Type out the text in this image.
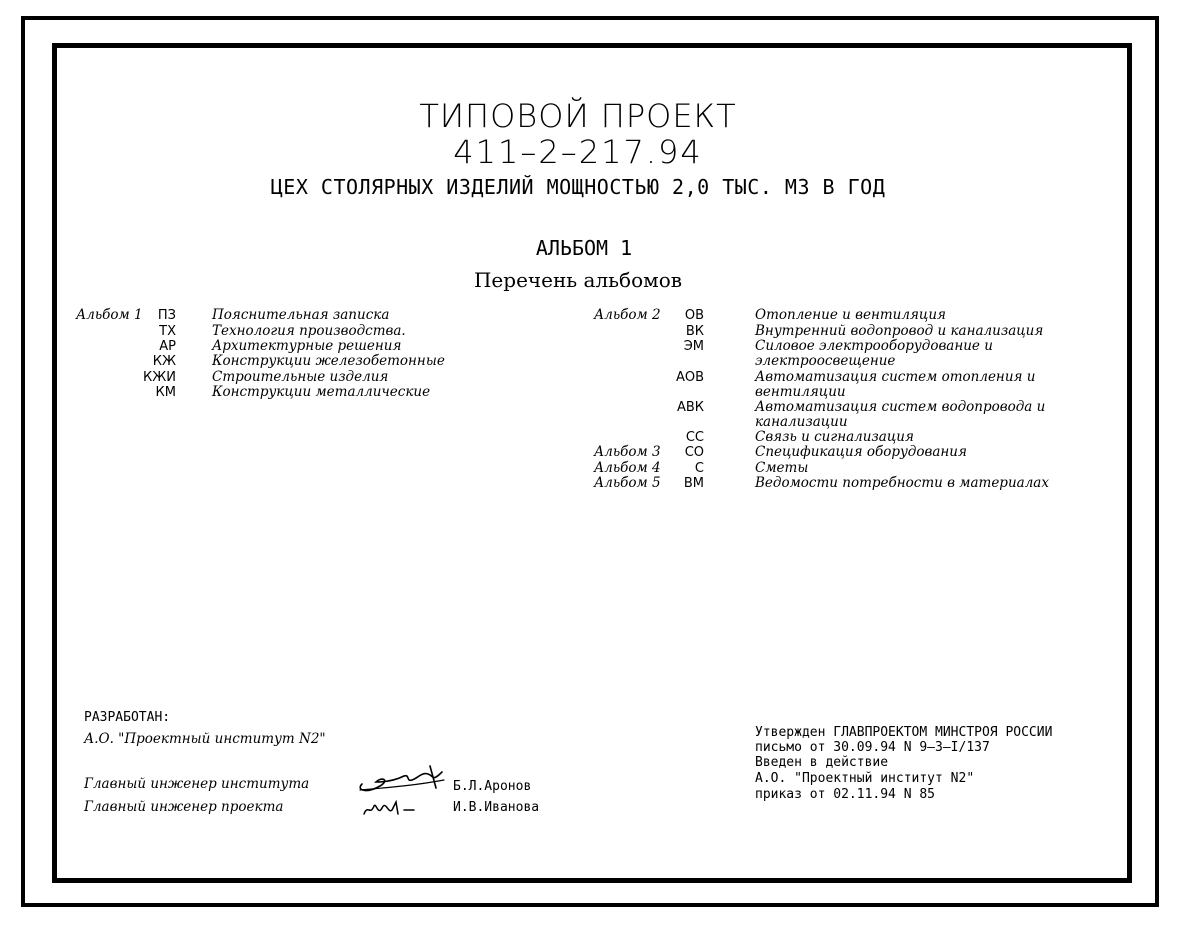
ТИПОВОЙ ПРОЕКТ
411–2–217.94
ЦЕХ СТОЛЯРНЫХ ИЗДЕЛИЙ МОЩНОСТЬЮ 2,0 ТЫС. МЗ В ГОД
АЛЬБОМ 1
Перечень альбомов
Альбом 1	ПЗ	Пояснительная записка
ТХ	Технология производства.
АР	Архитектурные решения
КЖ	Конструкции железобетонные
КЖИ	Строительные изделия
КМ	Конструкции металлические
Альбом 2	ОВ	Отопление и вентиляция
ВК	Внутренний водопровод и канализация
ЭМ	Силовое электрооборудование и
электроосвещение
АОВ	Автоматизация систем отопления и
вентиляции
АВК	Автоматизация систем водопровода и
канализации
СС	Связь и сигнализация
Альбом 3	СО	Спецификация оборудования
Альбом 4	С	Сметы
Альбом 5	ВМ	Ведомости потребности в материалах
РАЗРАБОТАН:
А.О. "Проектный институт N2"
Главный инженер института	Б.Л.Аронов
Главный инженер проекта	И.В.Иванова
Утвержден ГЛАВПРОЕКТОМ МИНСТРОЯ РОССИИ
письмо от 30.09.94 N 9–3–I/137
Введен в действие
А.О. "Проектный институт N2"
приказ от 02.11.94 N 85
